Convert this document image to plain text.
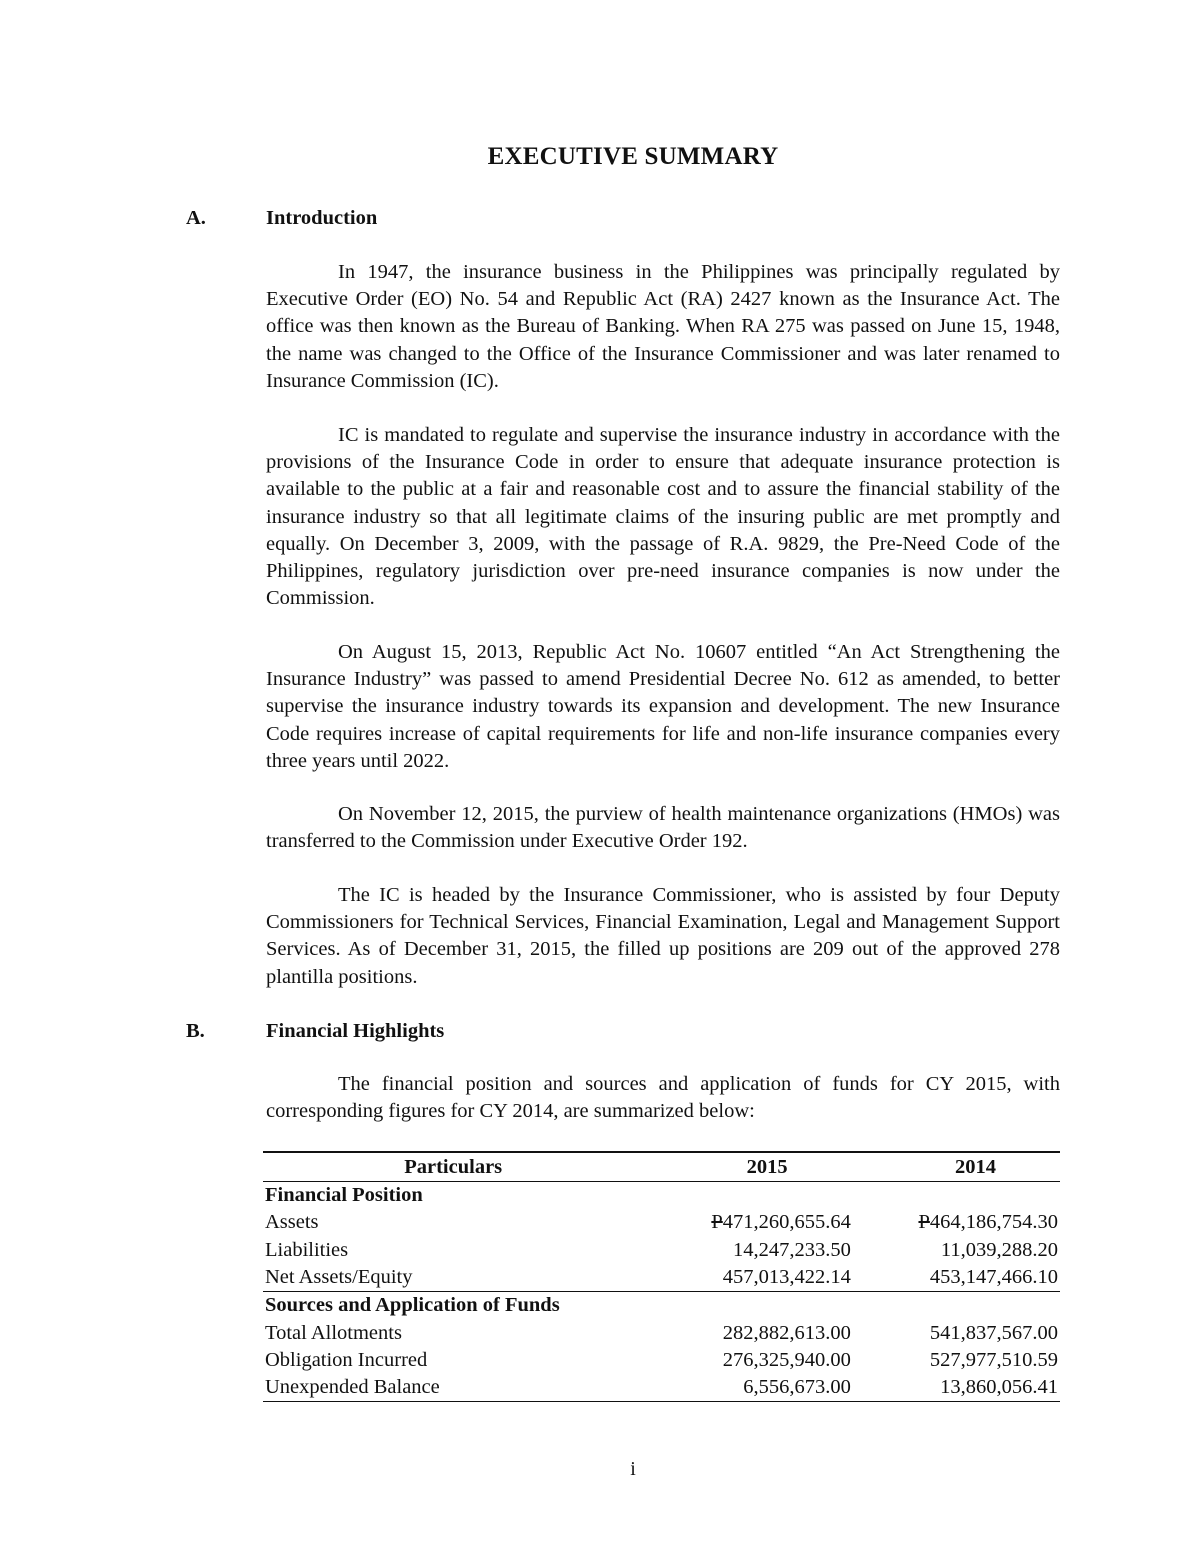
EXECUTIVE SUMMARY
A.	Introduction

In 1947, the insurance business in the Philippines was principally regulated by Executive Order (EO) No. 54 and Republic Act (RA) 2427 known as the Insurance Act. The office was then known as the Bureau of Banking. When RA 275 was passed on June 15, 1948, the name was changed to the Office of the Insurance Commissioner and was later renamed to Insurance Commission (IC).

IC is mandated to regulate and supervise the insurance industry in accordance with the provisions of the Insurance Code in order to ensure that adequate insurance protection is available to the public at a fair and reasonable cost and to assure the financial stability of the insurance industry so that all legitimate claims of the insuring public are met promptly and equally. On December 3, 2009, with the passage of R.A. 9829, the Pre-Need Code of the Philippines, regulatory jurisdiction over pre-need insurance companies is now under the Commission.

On August 15, 2013, Republic Act No. 10607 entitled “An Act Strengthening the Insurance Industry” was passed to amend Presidential Decree No. 612 as amended, to better supervise the insurance industry towards its expansion and development. The new Insurance Code requires increase of capital requirements for life and non-life insurance companies every three years until 2022.

On November 12, 2015, the purview of health maintenance organizations (HMOs) was transferred to the Commission under Executive Order 192.

The IC is headed by the Insurance Commissioner, who is assisted by four Deputy Commissioners for Technical Services, Financial Examination, Legal and Management Support Services. As of December 31, 2015, the filled up positions are 209 out of the approved 278 plantilla positions.

B.	Financial Highlights

The financial position and sources and application of funds for CY 2015, with corresponding figures for CY 2014, are summarized below:

Particulars	2015	2014
Financial Position		
Assets	P471,260,655.64	P464,186,754.30
Liabilities	14,247,233.50	11,039,288.20
Net Assets/Equity	457,013,422.14	453,147,466.10
Sources and Application of Funds		
Total Allotments	282,882,613.00	541,837,567.00
Obligation Incurred	276,325,940.00	527,977,510.59
Unexpended Balance	6,556,673.00	13,860,056.41
i
